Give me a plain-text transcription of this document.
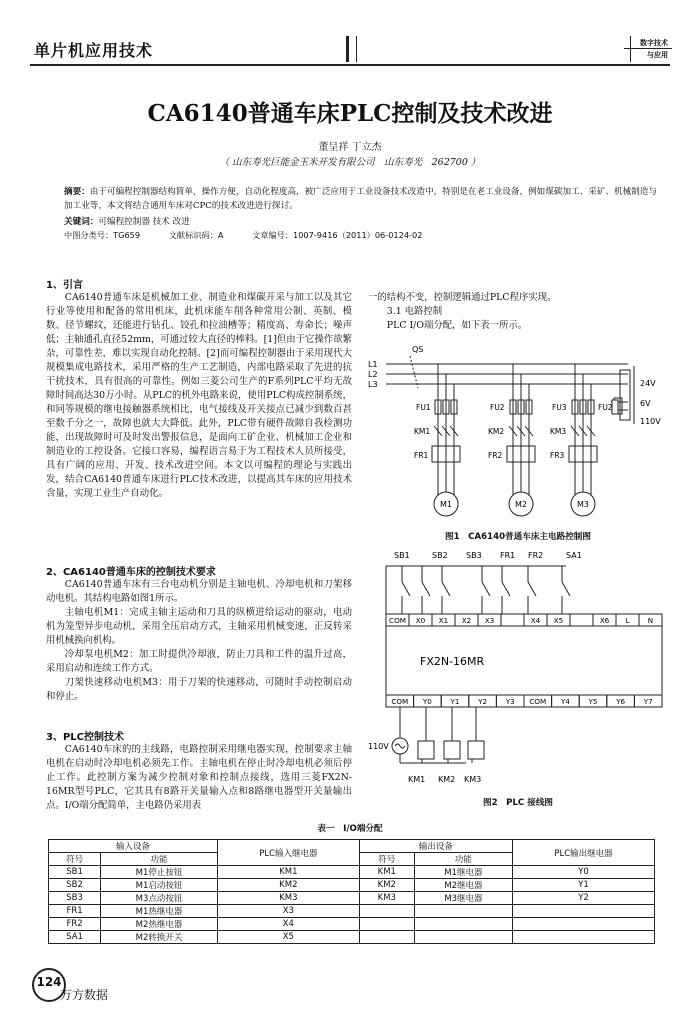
单片机应用技术	数字技术
与应用
CA6140普通车床PLC控制及技术改进
董呈祥 丁立杰
（ 山东寿光巨能金玉米开发有限公司　山东寿光　262700 ）
摘要：由于可编程控制器结构简单，操作方便，自动化程度高，被广泛应用于工业设备技术改造中，特别是在老工业设备，例如煤碳加工、采矿、机械制造与加工业等，本文将结合通用车床对CPC的技术改进进行探讨。
关键词：可编程控制器 技术 改进
中图分类号：TG659	文献标识码：A	文章编号：1007-9416（2011）06-0124-02
1、引言

CA6140普通车床是机械加工业、制造业和煤碳开采与加工以及其它行业等使用和配备的常用机床，此机床能车削各种常用公制、英制、模数、径节螺纹，还能进行钻孔、铰孔和拉油槽等；精度高、寿命长；噪声低；主轴通孔直径52mm，可通过较大直径的棒料。[1]但由于它操作欲繁杂，可靠性差，难以实现自动化控制。[2]而可编程控制器由于采用现代大规模集成电路技术，采用严格的生产工艺制造，内部电路采取了先进的抗干扰技术，具有很高的可靠性。例如三菱公司生产的F系列PLC平均无故障时间高达30万小时。从PLC的机外电路来说，使用PLC构成控制系统，和同等规模的继电接触器系统相比，电气接线及开关接点已减少到数百甚至数千分之一，故障也就大大降低。此外，PLC带有硬件故障自我检测功能，出现故障时可及时发出警报信息，是面向工矿企业、机械加工企业和制造业的工控设备。它接口容易，编程语言易于为工程技术人员所接受，具有广阔的应用、开发、技术改进空间。本文以可编程的理论与实践出发，结合CA6140普通车床进行PLC技术改进，以提高其车床的应用技术含量，实现工业生产自动化。

2、CA6140普通车床的控制技术要求

CA6140普通车床有三台电动机分别是主轴电机、冷却电机和刀架移动电机。其结构电路如图1所示。

主轴电机M1：完成主轴主运动和刀具的纵横进给运动的驱动，电动机为笼型异步电动机，采用全压启动方式，主轴采用机械变速，正反转采用机械换向机构。

冷却泵电机M2：加工时提供冷却液，防止刀具和工件的温升过高，采用启动和连续工作方式。

刀架快速移动电机M3：用于刀架的快速移动，可随时手动控制启动和停止。

3、PLC控制技术

CA6140车床的的主线路，电路控制采用继电器实现，控制要求主轴电机在启动时冷却电机必须先工作。主轴电机在停止时冷却电机必须后停止工作。此控制方案为减少控制对象和控制点接线，选用三菱FX2N-16MR型号PLC，它其具有8路开关量输入点和8路继电器型开关量输出点。I/O端分配简单，主电路仍采用表

一的结构不变，控制逻辑通过PLC程序实现。
3.1 电路控制
PLC I/O端分配，如下表一所示。
QS
L1
L2
L3
FU1	FU2	FU3	FU2
KM1	KM2	KM3
FR1	FR2	FR3
M1	M2	M3
24V
6V
110V
图1　CA6140普通车床主电路控制图
SB1	SB2 SB3 FR1 FR2	SA1
FX2N-16MR
110V
KM1 KM2 KM3
COM X0 X1 X2 X3	X4 X5	X6 L	N
COM Y0	Y1	Y2	Y3 COM Y4	Y5	Y6	Y7
图2　PLC 接线图
表一　I/O端分配
输入设备		PLC输入继电器	输出设备		PLC输出继电器
符号	功能		符号	功能	
SB1	M1停止按钮	KM1	KM1	M1继电器	Y0
SB2	M1启动按钮	KM2	KM2	M2继电器	Y1
SB3	M3点动按钮	KM3	KM3	M3继电器	Y2
FR1	M1热继电器	X3			
FR2	M2热继电器	X4			
SA1	M2转换开关	X5			
124
万方数据
